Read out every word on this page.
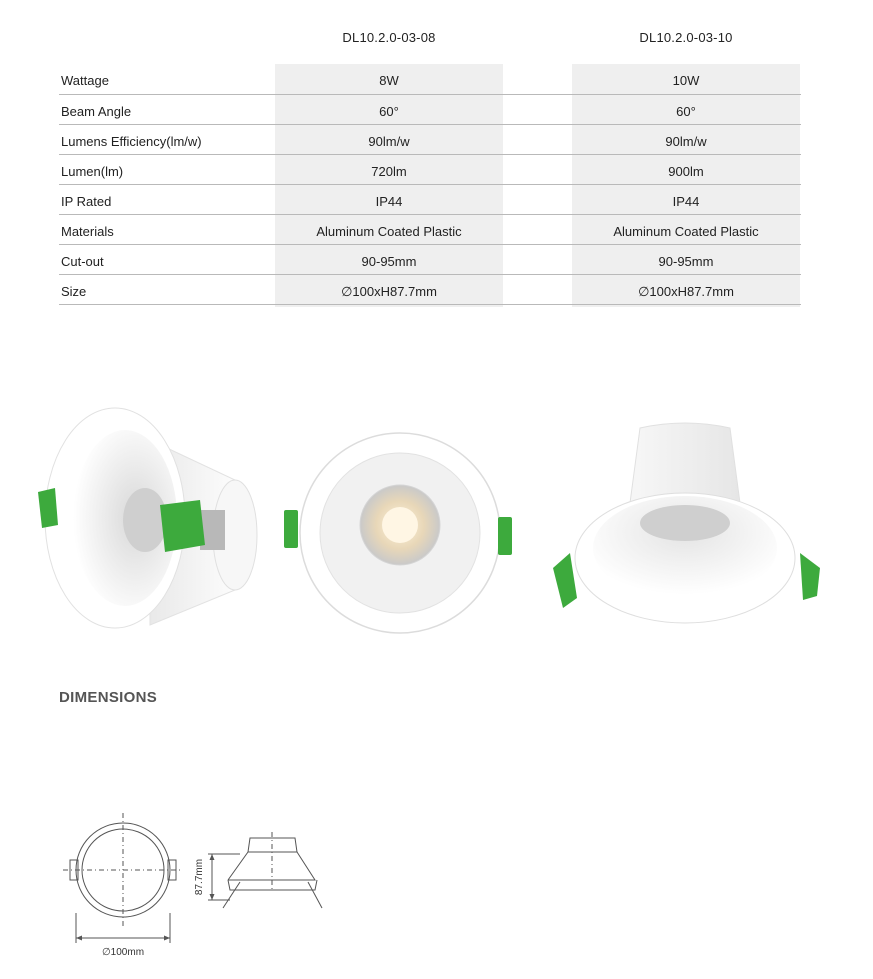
DL10.2.0-03-08	DL10.2.0-03-10
Wattage	8W	10W
Beam Angle	60°	60°
Lumens Efficiency(lm/w)	90lm/w	90lm/w
Lumen(lm)	720lm	900lm
IP Rated	IP44	IP44
Materials	Aluminum Coated Plastic	Aluminum Coated Plastic
Cut-out	90-95mm	90-95mm
Size	∅100xH87.7mm	∅100xH87.7mm
DIMENSIONS
∅100mm
87.7mm
